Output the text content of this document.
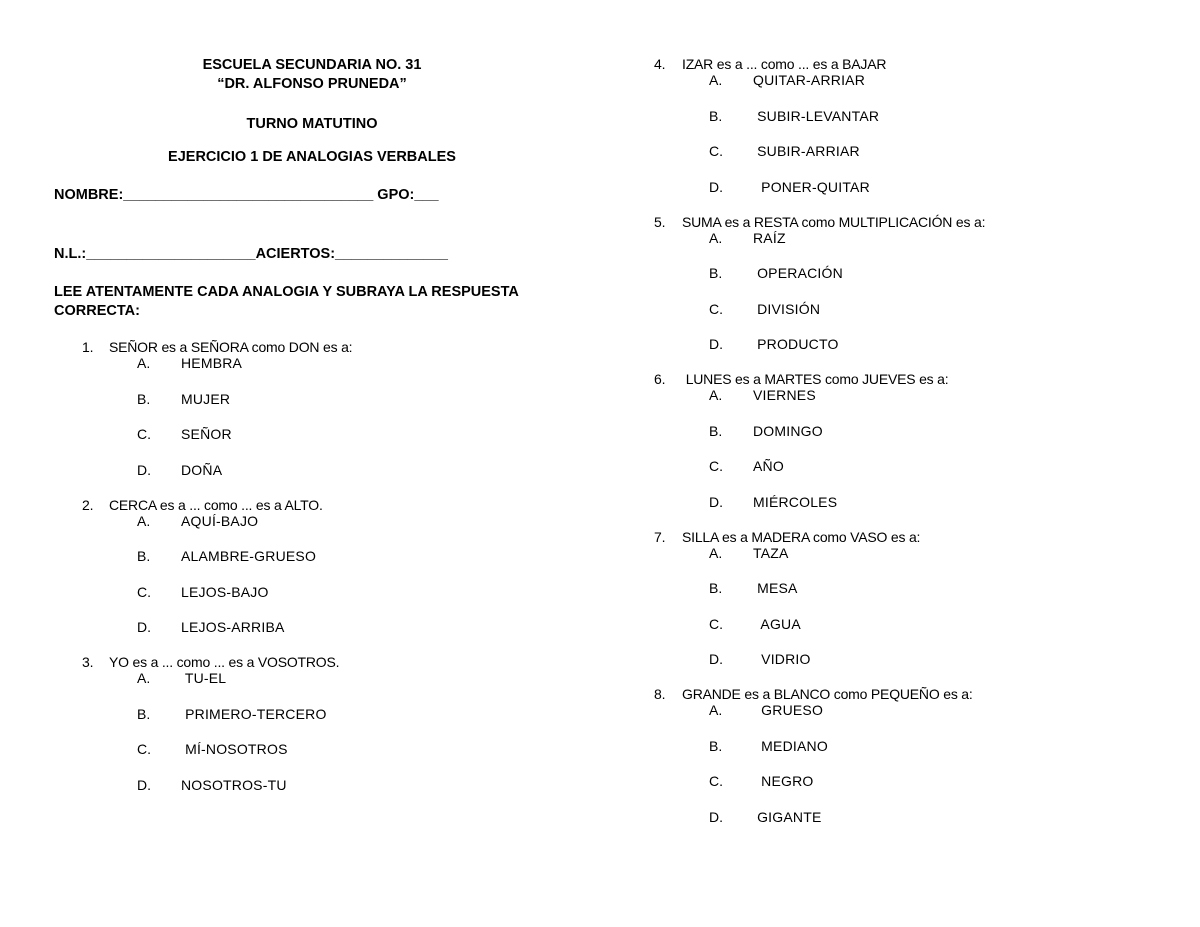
ESCUELA SECUNDARIA NO. 31
“DR. ALFONSO PRUNEDA”
TURNO MATUTINO
EJERCICIO 1 DE ANALOGIAS VERBALES
NOMBRE:_______________________________ GPO:___
N.L.:_____________________ACIERTOS:______________
LEE ATENTAMENTE CADA ANALOGIA Y SUBRAYA LA RESPUESTA CORRECTA:
1. SEÑOR es a SEÑORA como DON es a:
A. HEMBRA
B. MUJER
C. SEÑOR
D. DOÑA
2. CERCA es a ... como ... es a ALTO.
A. AQUÍ-BAJO
B. ALAMBRE-GRUESO
C. LEJOS-BAJO
D. LEJOS-ARRIBA
3. YO es a ... como ... es a VOSOTROS.
A. TU-EL
B. PRIMERO-TERCERO
C. MÍ-NOSOTROS
D. NOSOTROS-TU
4. IZAR es a ... como ... es a BAJAR
A. QUITAR-ARRIAR
B. SUBIR-LEVANTAR
C. SUBIR-ARRIAR
D. PONER-QUITAR
5. SUMA es a RESTA como MULTIPLICACIÓN es a:
A. RAÍZ
B. OPERACIÓN
C. DIVISIÓN
D. PRODUCTO
6. LUNES es a MARTES como JUEVES es a:
A. VIERNES
B. DOMINGO
C. AÑO
D. MIÉRCOLES
7. SILLA es a MADERA como VASO es a:
A. TAZA
B. MESA
C. AGUA
D. VIDRIO
8. GRANDE es a BLANCO como PEQUEÑO es a:
A. GRUESO
B. MEDIANO
C. NEGRO
D. GIGANTE
